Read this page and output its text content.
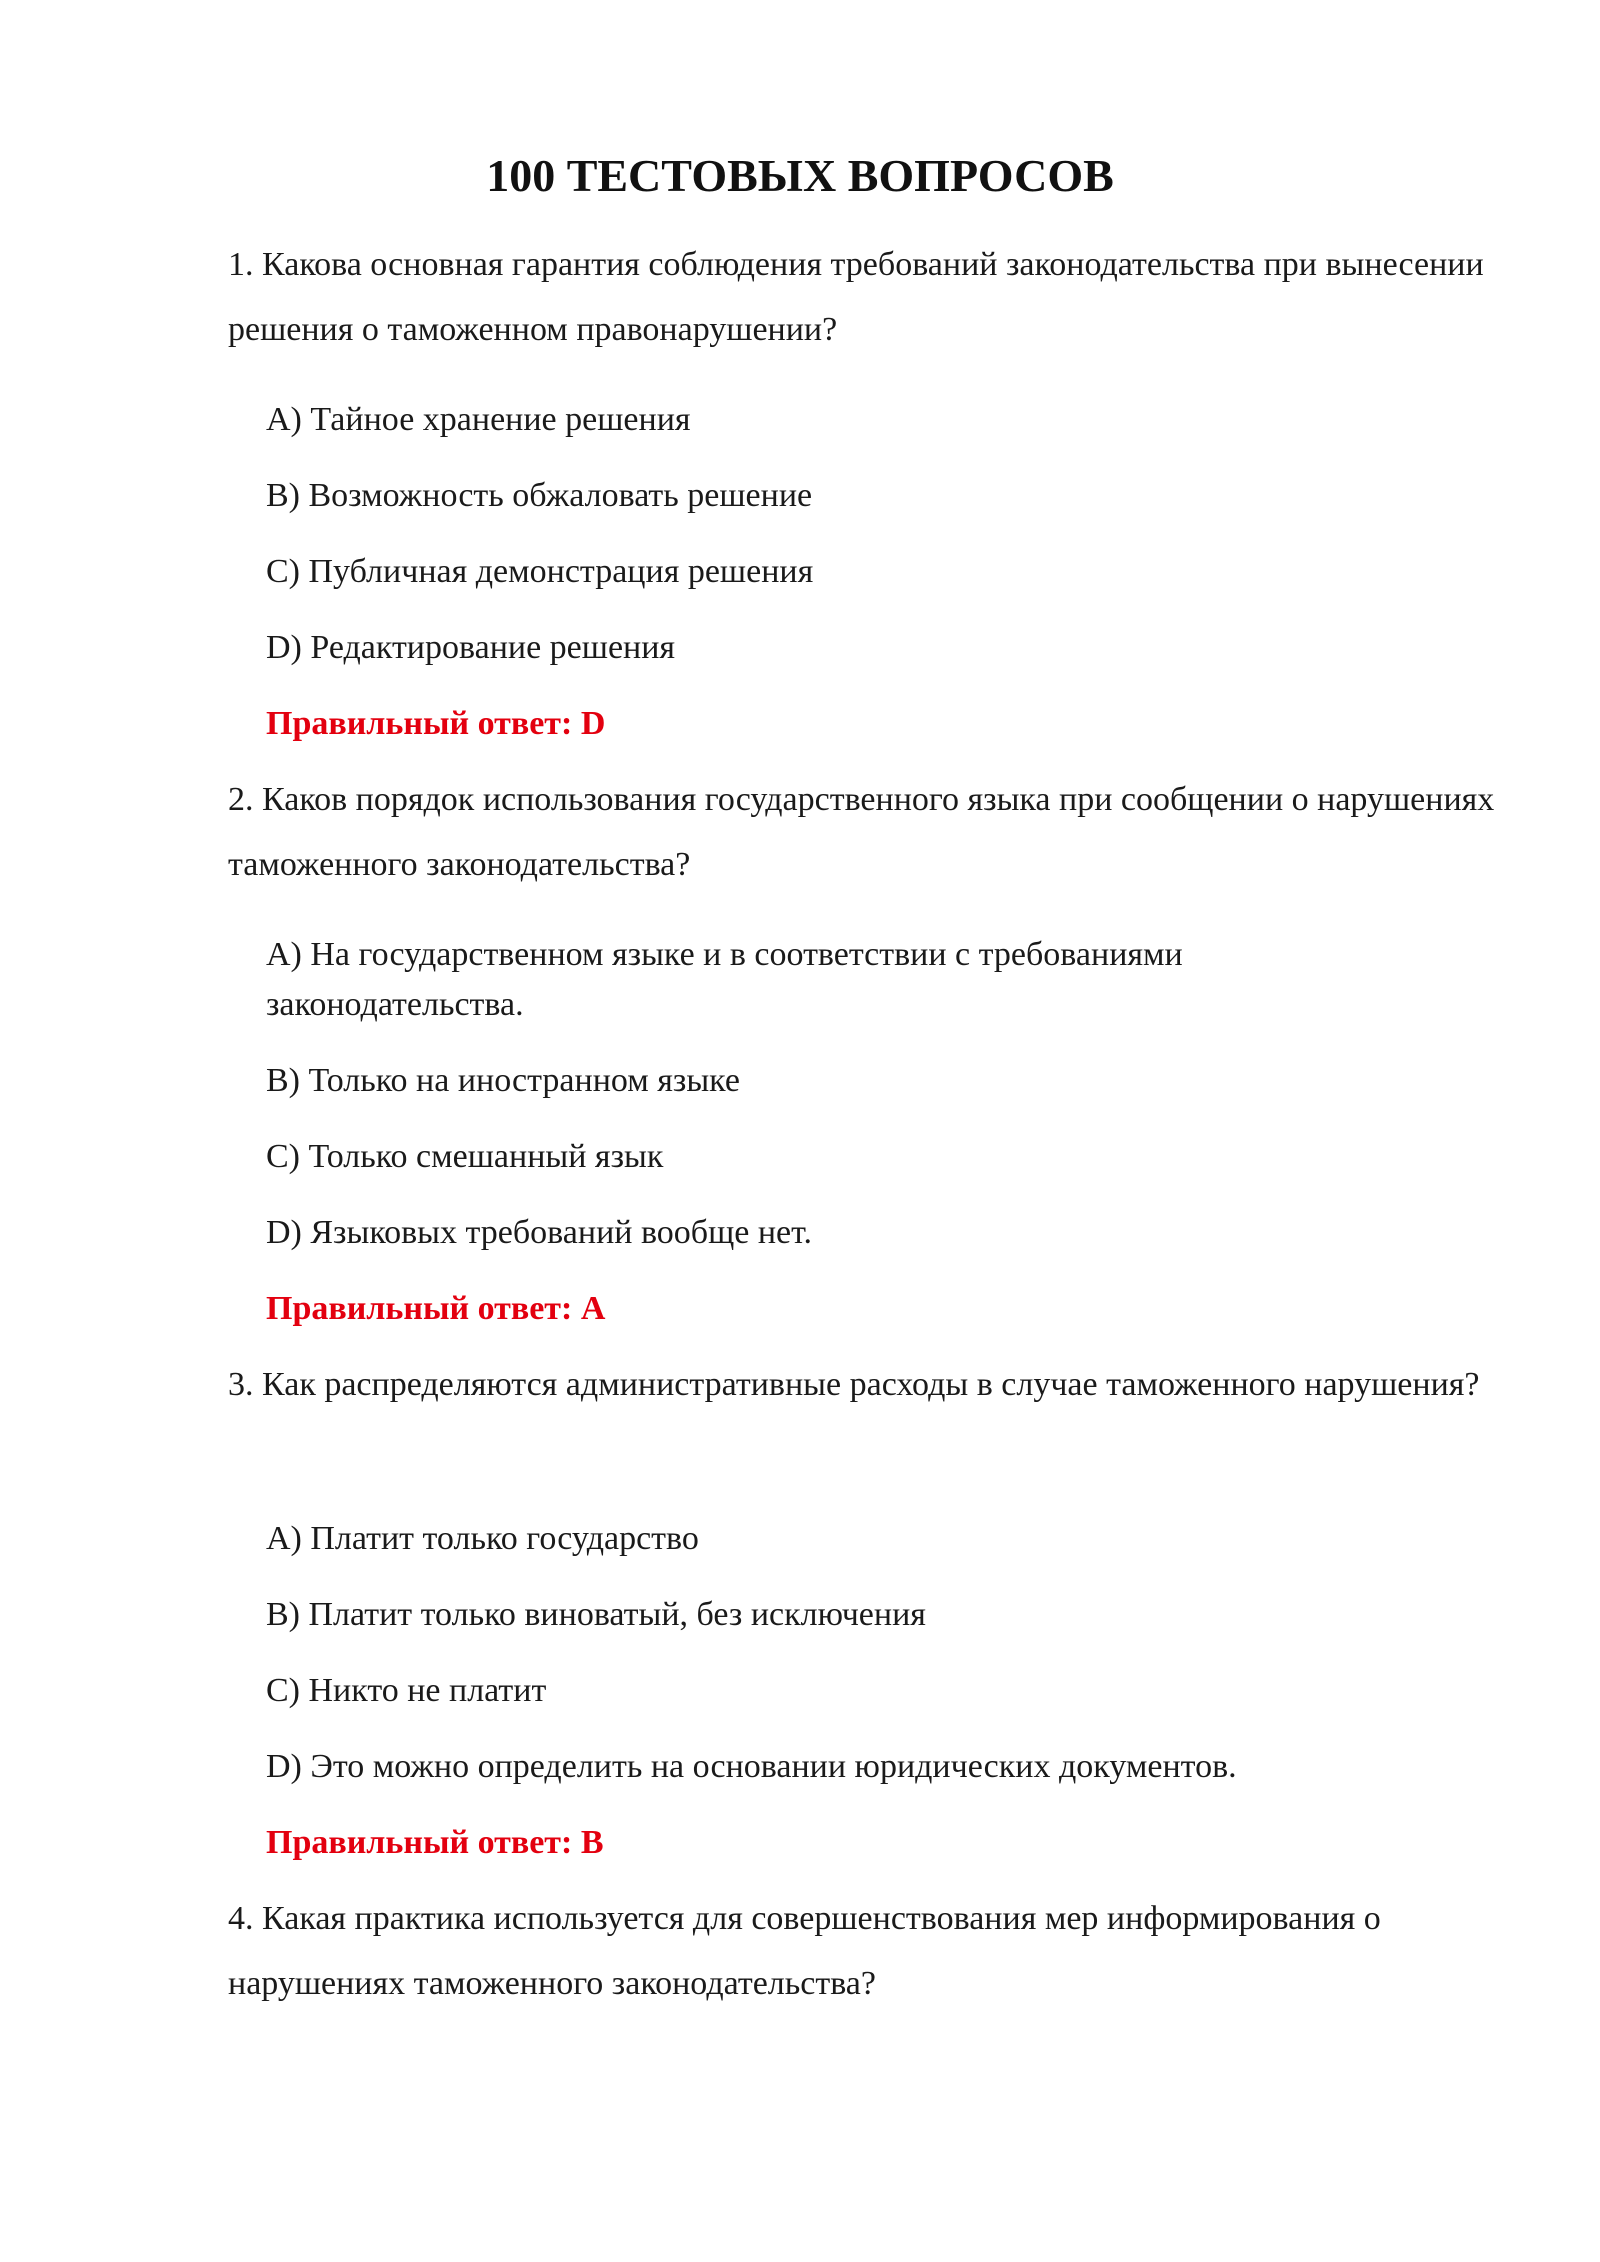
100 ТЕСТОВЫХ ВОПРОСОВ

1. Какова основная гарантия соблюдения требований законодательства при вынесении решения о таможенном правонарушении?

A) Тайное хранение решения

B) Возможность обжаловать решение

C) Публичная демонстрация решения

D) Редактирование решения

Правильный ответ: D

2. Каков порядок использования государственного языка при сообщении о нарушениях таможенного законодательства?

A) На государственном языке и в соответствии с требованиями законодательства.

B) Только на иностранном языке

C) Только смешанный язык

D) Языковых требований вообще нет.

Правильный ответ: A

3. Как распределяются административные расходы в случае таможенного нарушения?

A) Платит только государство

B) Платит только виноватый, без исключения

C) Никто не платит

D) Это можно определить на основании юридических документов.

Правильный ответ: B

4. Какая практика используется для совершенствования мер информирования о нарушениях таможенного законодательства?
